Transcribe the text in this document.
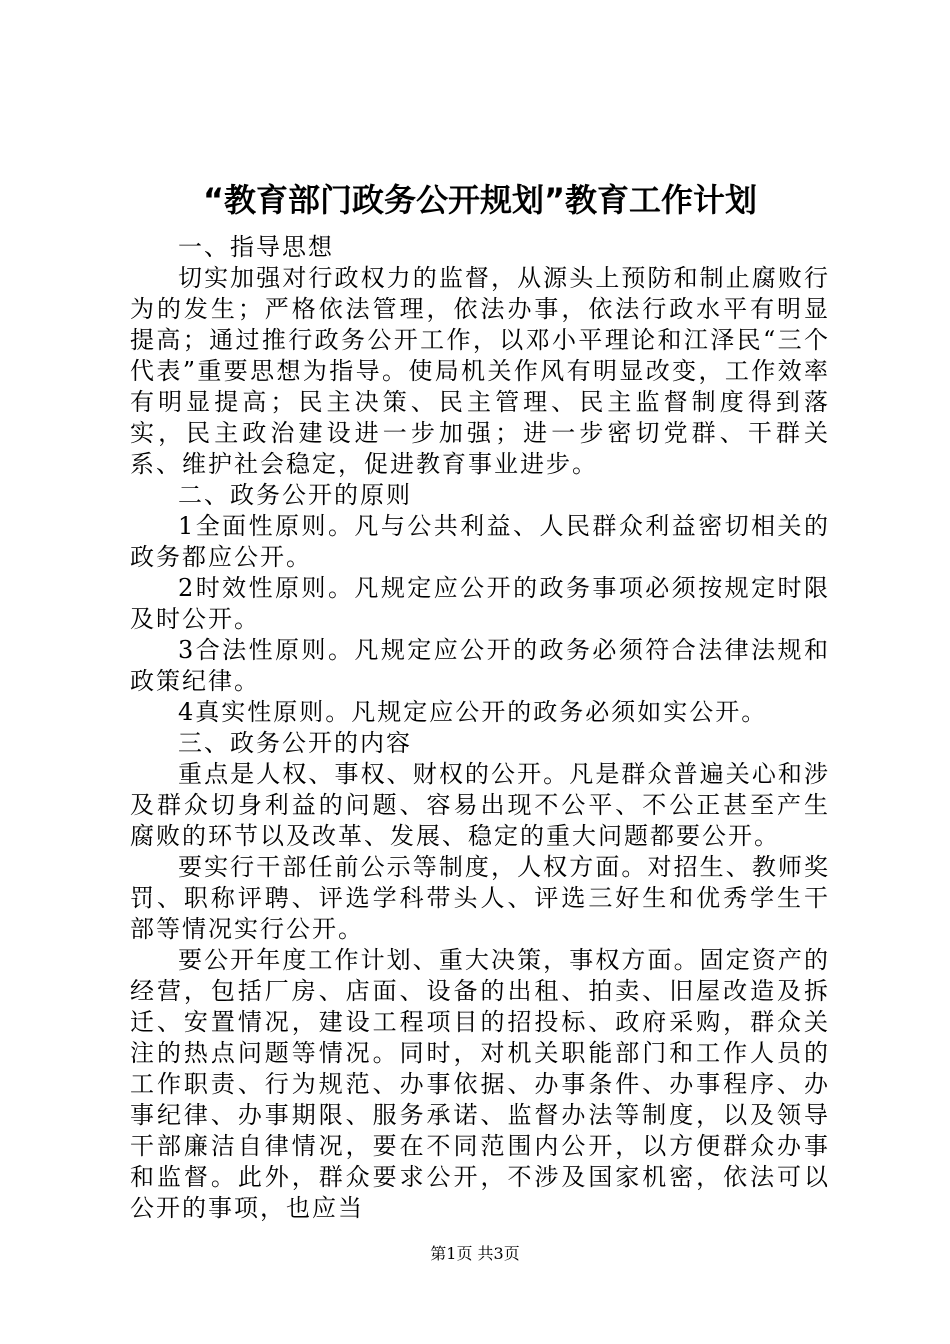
“教育部门政务公开规划”教育工作计划
一、指导思想
切实加强对行政权力的监督，从源头上预防和制止腐败行为的发生；严格依法管理，依法办事，依法行政水平有明显提高；通过推行政务公开工作，以邓小平理论和江泽民“三个代表”重要思想为指导。使局机关作风有明显改变，工作效率有明显提高；民主决策、民主管理、民主监督制度得到落实，民主政治建设进一步加强；进一步密切党群、干群关系、维护社会稳定，促进教育事业进步。
二、政务公开的原则
1全面性原则。凡与公共利益、人民群众利益密切相关的政务都应公开。
2时效性原则。凡规定应公开的政务事项必须按规定时限及时公开。
3合法性原则。凡规定应公开的政务必须符合法律法规和政策纪律。
4真实性原则。凡规定应公开的政务必须如实公开。
三、政务公开的内容
重点是人权、事权、财权的公开。凡是群众普遍关心和涉及群众切身利益的问题、容易出现不公平、不公正甚至产生腐败的环节以及改革、发展、稳定的重大问题都要公开。
要实行干部任前公示等制度，人权方面。对招生、教师奖罚、职称评聘、评选学科带头人、评选三好生和优秀学生干部等情况实行公开。
要公开年度工作计划、重大决策，事权方面。固定资产的经营，包括厂房、店面、设备的出租、拍卖、旧屋改造及拆迁、安置情况，建设工程项目的招投标、政府采购，群众关注的热点问题等情况。同时，对机关职能部门和工作人员的工作职责、行为规范、办事依据、办事条件、办事程序、办事纪律、办事期限、服务承诺、监督办法等制度，以及领导干部廉洁自律情况，要在不同范围内公开，以方便群众办事和监督。此外，群众要求公开，不涉及国家机密，依法可以公开的事项，也应当
第1页 共3页
